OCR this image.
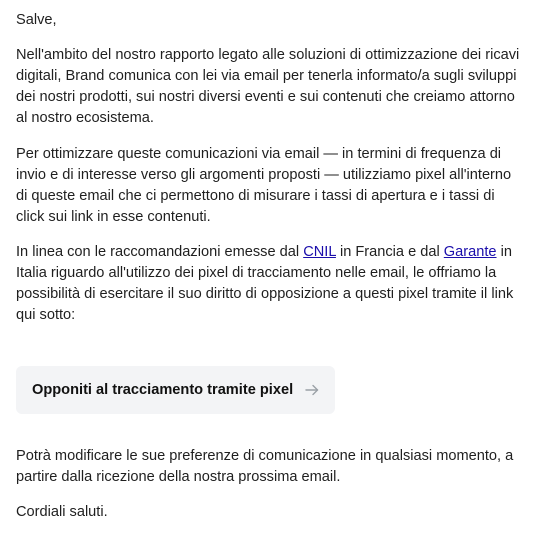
Salve,

Nell'ambito del nostro rapporto legato alle soluzioni di ottimizzazione dei ricavi digitali, Brand comunica con lei via email per tenerla informato/a sugli sviluppi dei nostri prodotti, sui nostri diversi eventi e sui contenuti che creiamo attorno al nostro ecosistema.

Per ottimizzare queste comunicazioni via email — in termini di frequenza di invio e di interesse verso gli argomenti proposti — utilizziamo pixel all'interno di queste email che ci permettono di misurare i tassi di apertura e i tassi di click sui link in esse contenuti.

In linea con le raccomandazioni emesse dal CNIL in Francia e dal Garante in Italia riguardo all'utilizzo dei pixel di tracciamento nelle email, le offriamo la possibilità di esercitare il suo diritto di opposizione a questi pixel tramite il link qui sotto:

Opponiti al tracciamento tramite pixel

Potrà modificare le sue preferenze di comunicazione in qualsiasi momento, a partire dalla ricezione della nostra prossima email.

Cordiali saluti.
